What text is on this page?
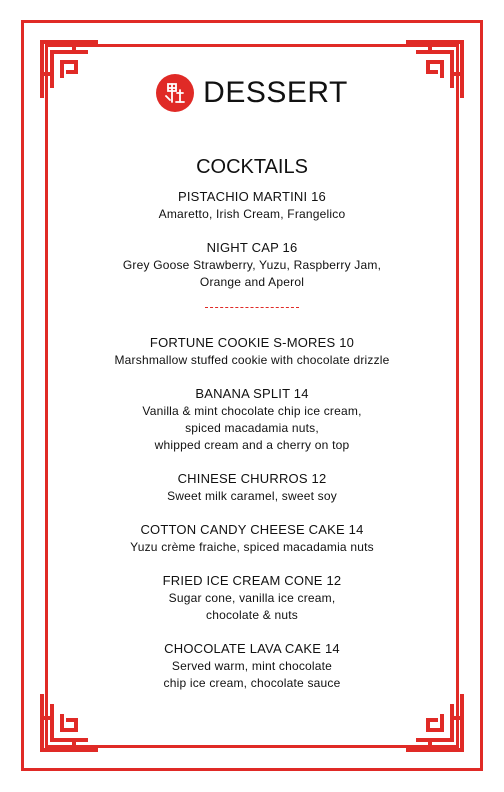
DESSERT
COCKTAILS
PISTACHIO MARTINI 16
Amaretto, Irish Cream, Frangelico
NIGHT CAP 16
Grey Goose Strawberry, Yuzu, Raspberry Jam,
Orange and Aperol
FORTUNE COOKIE S-MORES 10
Marshmallow stuffed cookie with chocolate drizzle
BANANA SPLIT 14
Vanilla & mint chocolate chip ice cream,
spiced macadamia nuts,
whipped cream and a cherry on top
CHINESE CHURROS 12
Sweet milk caramel, sweet soy
COTTON CANDY CHEESE CAKE 14
Yuzu crème fraiche, spiced macadamia nuts
FRIED ICE CREAM CONE 12
Sugar cone, vanilla ice cream,
chocolate & nuts
CHOCOLATE LAVA CAKE 14
Served warm, mint chocolate
chip ice cream, chocolate sauce
